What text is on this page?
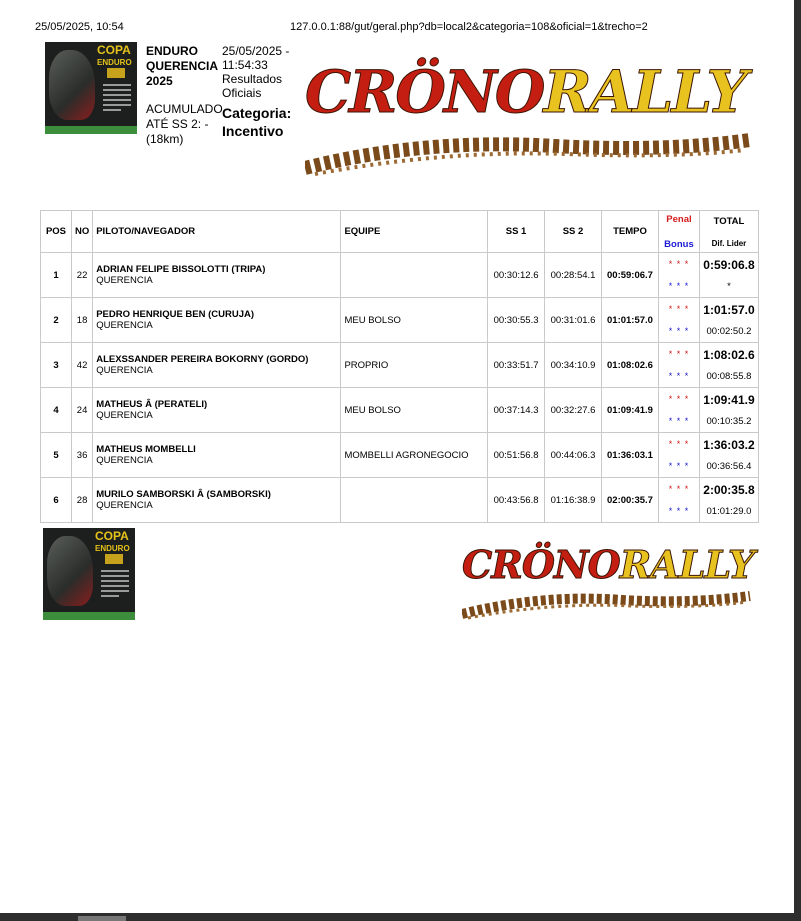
25/05/2025, 10:54	127.0.0.1:88/gut/geral.php?db=local2&categoria=108&oficial=1&trecho=2
COPA
ENDURO
ENDURO
QUERENCIA
2025
ACUMULADO
ATÉ SS 2: -
(18km)
25/05/2025 -
11:54:33
Resultados
Oficiais
Categoria:
Incentivo
CRÖNORALLY
POS	NO	PILOTO/NAVEGADOR	EQUIPE	SS 1	SS 2	TEMPO	Penal
Bonus	TOTAL
Dif. Lider

1	22	ADRIAN FELIPE BISSOLOTTI (TRIPA)
QUERENCIA		00:30:12.6	00:28:54.1	00:59:06.7	* * *
* * *	0:59:06.8
*

2	18	PEDRO HENRIQUE BEN (CURUJA)
QUERENCIA	MEU BOLSO	00:30:55.3	00:31:01.6	01:01:57.0	* * *
* * *	1:01:57.0
00:02:50.2

3	42	ALEXSSANDER PEREIRA BOKORNY (GORDO)
QUERENCIA	PROPRIO	00:33:51.7	00:34:10.9	01:08:02.6	* * *
* * *	1:08:02.6
00:08:55.8

4	24	MATHEUS Â (PERATELI)
QUERENCIA	MEU BOLSO	00:37:14.3	00:32:27.6	01:09:41.9	* * *
* * *	1:09:41.9
00:10:35.2

5	36	MATHEUS MOMBELLI
QUERENCIA	MOMBELLI AGRONEGOCIO	00:51:56.8	00:44:06.3	01:36:03.1	* * *
* * *	1:36:03.2
00:36:56.4

6	28	MURILO SAMBORSKI Â (SAMBORSKI)
QUERENCIA		00:43:56.8	01:16:38.9	02:00:35.7	* * *
* * *	2:00:35.8
01:01:29.0
COPA
ENDURO	CRÖNORALLY
